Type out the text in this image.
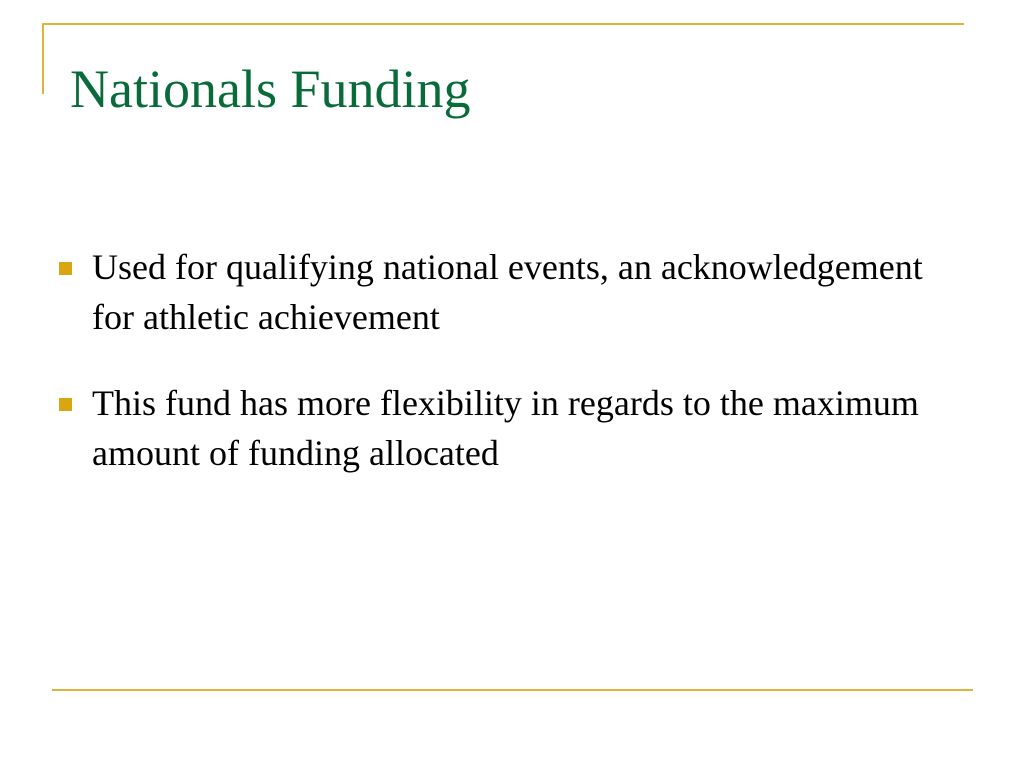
Nationals Funding
Used for qualifying national events, an acknowledgement for athletic achievement
This fund has more flexibility in regards to the maximum amount of funding allocated
